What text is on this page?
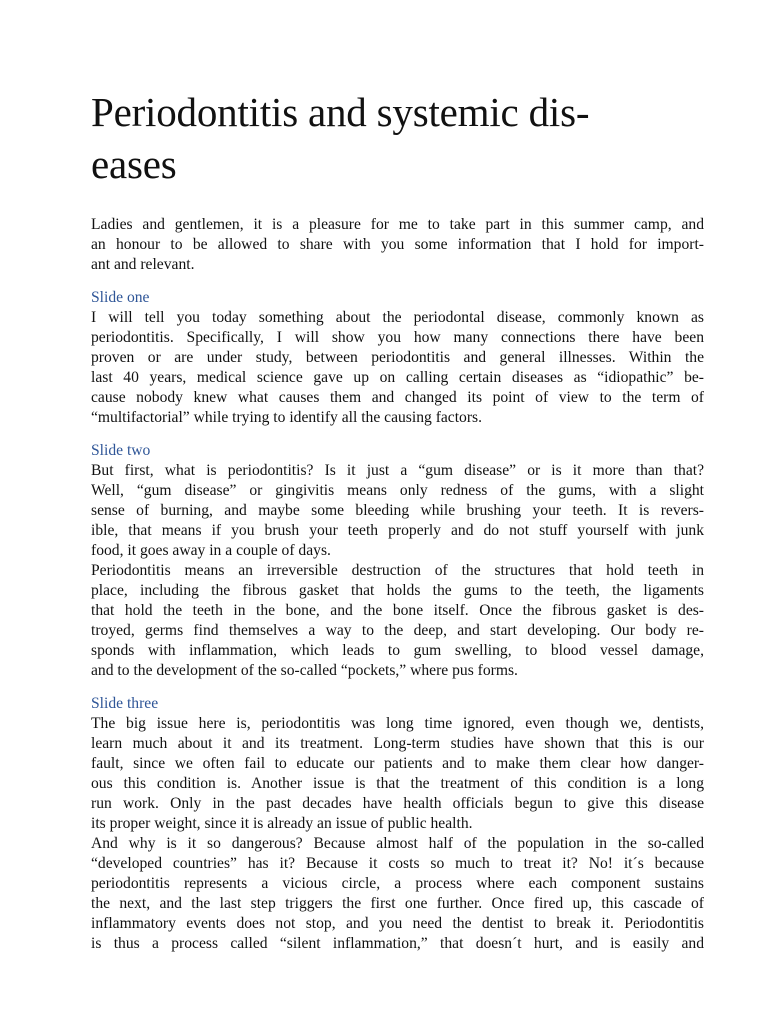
Periodontitis and systemic dis-
eases

Ladies and gentlemen, it is a pleasure for me to take part in this summer camp, and
an honour to be allowed to share with you some information that I hold for import-
ant and relevant.

Slide one

I will tell you today something about the periodontal disease, commonly known as
periodontitis. Specifically, I will show you how many connections there have been
proven or are under study, between periodontitis and general illnesses. Within the
last 40 years, medical science gave up on calling certain diseases as “idiopathic” be-
cause nobody knew what causes them and changed its point of view to the term of
“multifactorial” while trying to identify all the causing factors.

Slide two

But first, what is periodontitis? Is it just a “gum disease” or is it more than that?
Well, “gum disease” or gingivitis means only redness of the gums, with a slight
sense of burning, and maybe some bleeding while brushing your teeth. It is revers-
ible, that means if you brush your teeth properly and do not stuff yourself with junk
food, it goes away in a couple of days.

Periodontitis means an irreversible destruction of the structures that hold teeth in
place, including the fibrous gasket that holds the gums to the teeth, the ligaments
that hold the teeth in the bone, and the bone itself. Once the fibrous gasket is des-
troyed, germs find themselves a way to the deep, and start developing. Our body re-
sponds with inflammation, which leads to gum swelling, to blood vessel damage,
and to the development of the so-called “pockets,” where pus forms.

Slide three

The big issue here is, periodontitis was long time ignored, even though we, dentists,
learn much about it and its treatment. Long-term studies have shown that this is our
fault, since we often fail to educate our patients and to make them clear how danger-
ous this condition is. Another issue is that the treatment of this condition is a long
run work. Only in the past decades have health officials begun to give this disease
its proper weight, since it is already an issue of public health.

And why is it so dangerous? Because almost half of the population in the so-called
“developed countries” has it? Because it costs so much to treat it? No! it´s because
periodontitis represents a vicious circle, a process where each component sustains
the next, and the last step triggers the first one further. Once fired up, this cascade of
inflammatory events does not stop, and you need the dentist to break it. Periodontitis
is thus a process called “silent inflammation,” that doesn´t hurt, and is easily and
